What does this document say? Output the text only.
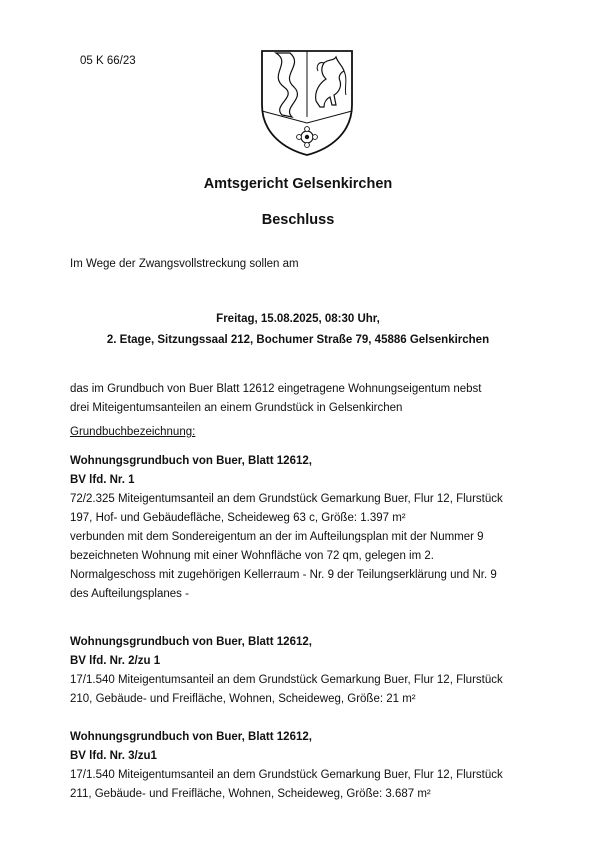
05 K 66/23
Amtsgericht Gelsenkirchen
Beschluss
Im Wege der Zwangsvollstreckung sollen am
Freitag, 15.08.2025, 08:30 Uhr,
2. Etage, Sitzungssaal 212, Bochumer Straße 79, 45886 Gelsenkirchen
das im Grundbuch von Buer Blatt 12612 eingetragene Wohnungseigentum nebst
drei Miteigentumsanteilen an einem Grundstück in Gelsenkirchen
Grundbuchbezeichnung:
Wohnungsgrundbuch von Buer, Blatt 12612,
BV lfd. Nr. 1
72/2.325 Miteigentumsanteil an dem Grundstück Gemarkung Buer, Flur 12, Flurstück
197, Hof- und Gebäudefläche, Scheideweg 63 c, Größe: 1.397 m²
verbunden mit dem Sondereigentum an der im Aufteilungsplan mit der Nummer 9
bezeichneten Wohnung mit einer Wohnfläche von 72 qm, gelegen im 2.
Normalgeschoss mit zugehörigen Kellerraum - Nr. 9 der Teilungserklärung und Nr. 9
des Aufteilungsplanes -
Wohnungsgrundbuch von Buer, Blatt 12612,
BV lfd. Nr. 2/zu 1
17/1.540 Miteigentumsanteil an dem Grundstück Gemarkung Buer, Flur 12, Flurstück
210, Gebäude- und Freifläche, Wohnen, Scheideweg, Größe: 21 m²
Wohnungsgrundbuch von Buer, Blatt 12612,
BV lfd. Nr. 3/zu1
17/1.540 Miteigentumsanteil an dem Grundstück Gemarkung Buer, Flur 12, Flurstück
211, Gebäude- und Freifläche, Wohnen, Scheideweg, Größe: 3.687 m²
